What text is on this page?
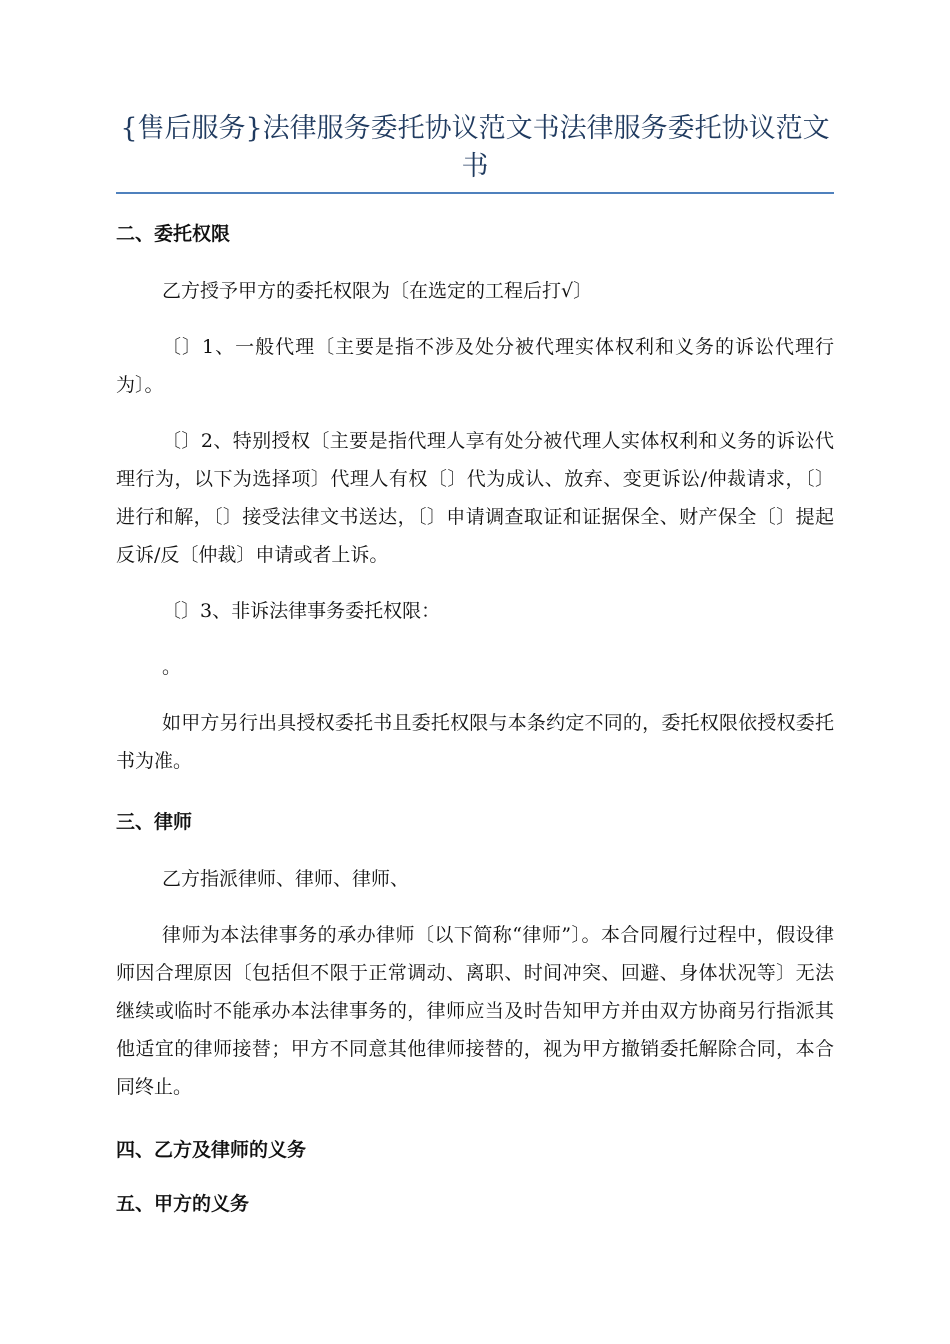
{售后服务}法律服务委托协议范文书法律服务委托协议范文书
二、委托权限

乙方授予甲方的委托权限为〔在选定的工程后打√〕

〔〕1、一般代理〔主要是指不涉及处分被代理实体权利和义务的诉讼代理行为〕。

〔〕2、特别授权〔主要是指代理人享有处分被代理人实体权利和义务的诉讼代理行为，以下为选择项〕代理人有权〔〕代为成认、放弃、变更诉讼/仲裁请求，〔〕进行和解，〔〕接受法律文书送达，〔〕申请调查取证和证据保全、财产保全〔〕提起反诉/反〔仲裁〕申请或者上诉。

〔〕3、非诉法律事务委托权限：

。

如甲方另行出具授权委托书且委托权限与本条约定不同的，委托权限依授权委托书为准。

三、律师

乙方指派律师、律师、律师、

律师为本法律事务的承办律师〔以下简称“律师”〕。本合同履行过程中，假设律师因合理原因〔包括但不限于正常调动、离职、时间冲突、回避、身体状况等〕无法继续或临时不能承办本法律事务的，律师应当及时告知甲方并由双方协商另行指派其他适宜的律师接替；甲方不同意其他律师接替的，视为甲方撤销委托解除合同，本合同终止。

四、乙方及律师的义务
五、甲方的义务
